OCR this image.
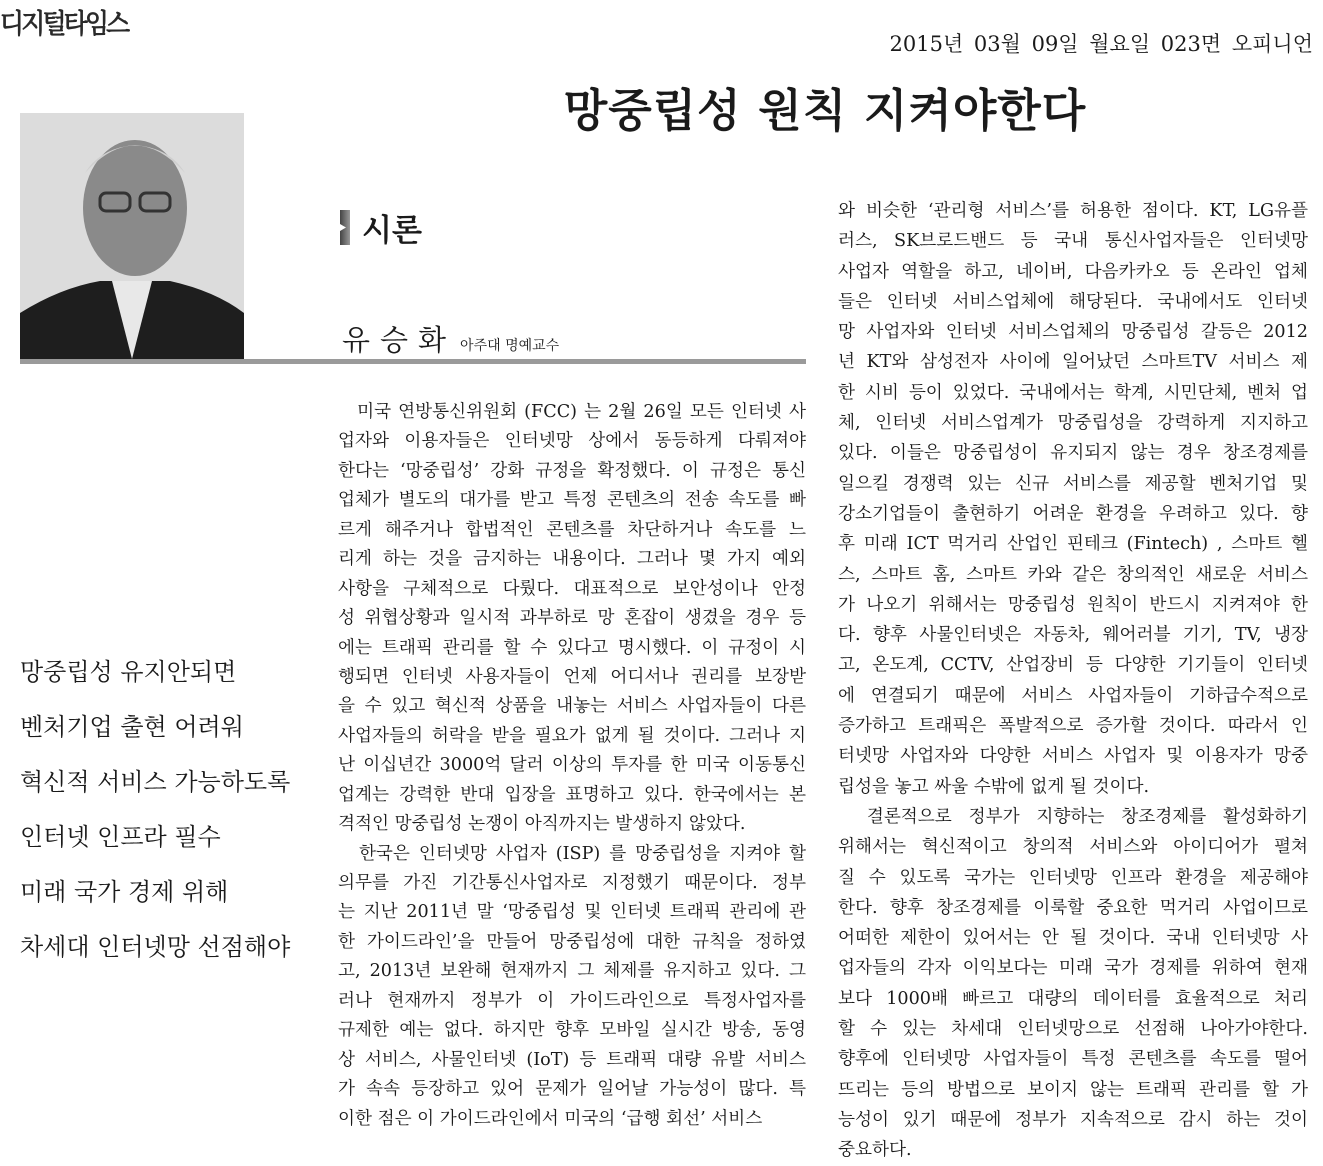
디지털타임스
2015년 03월 09일 월요일 023면 오피니언
망중립성 원칙 지켜야한다
시론
유승화 아주대 명예교수
망중립성 유지안되면
벤처기업 출현 어려워
혁신적 서비스 가능하도록
인터넷 인프라 필수
미래 국가 경제 위해
차세대 인터넷망 선점해야
　미국 연방통신위원회 (FCC) 는 2월 26일 모든 인터넷 사
업자와 이용자들은 인터넷망 상에서 동등하게 다뤄져야
한다는 ‘망중립성’ 강화 규정을 확정했다. 이 규정은 통신
업체가 별도의 대가를 받고 특정 콘텐츠의 전송 속도를 빠
르게 해주거나 합법적인 콘텐츠를 차단하거나 속도를 느
리게 하는 것을 금지하는 내용이다. 그러나 몇 가지 예외
사항을 구체적으로 다뤘다. 대표적으로 보안성이나 안정
성 위협상황과 일시적 과부하로 망 혼잡이 생겼을 경우 등
에는 트래픽 관리를 할 수 있다고 명시했다. 이 규정이 시
행되면 인터넷 사용자들이 언제 어디서나 권리를 보장받
을 수 있고 혁신적 상품을 내놓는 서비스 사업자들이 다른
사업자들의 허락을 받을 필요가 없게 될 것이다. 그러나 지
난 이십년간 3000억 달러 이상의 투자를 한 미국 이동통신
업계는 강력한 반대 입장을 표명하고 있다. 한국에서는 본
격적인 망중립성 논쟁이 아직까지는 발생하지 않았다.
　한국은 인터넷망 사업자 (ISP) 를 망중립성을 지켜야 할
의무를 가진 기간통신사업자로 지정했기 때문이다. 정부
는 지난 2011년 말 ‘망중립성 및 인터넷 트래픽 관리에 관
한 가이드라인’을 만들어 망중립성에 대한 규칙을 정하였
고, 2013년 보완해 현재까지 그 체제를 유지하고 있다. 그
러나 현재까지 정부가 이 가이드라인으로 특정사업자를
규제한 예는 없다. 하지만 향후 모바일 실시간 방송, 동영
상 서비스, 사물인터넷 (IoT) 등 트래픽 대량 유발 서비스
가 속속 등장하고 있어 문제가 일어날 가능성이 많다. 특
이한 점은 이 가이드라인에서 미국의 ‘급행 회선’ 서비스
와 비슷한 ‘관리형 서비스’를 허용한 점이다. KT, LG유플
러스, SK브로드밴드 등 국내 통신사업자들은 인터넷망
사업자 역할을 하고, 네이버, 다음카카오 등 온라인 업체
들은 인터넷 서비스업체에 해당된다. 국내에서도 인터넷
망 사업자와 인터넷 서비스업체의 망중립성 갈등은 2012
년 KT와 삼성전자 사이에 일어났던 스마트TV 서비스 제
한 시비 등이 있었다. 국내에서는 학계, 시민단체, 벤처 업
체, 인터넷 서비스업계가 망중립성을 강력하게 지지하고
있다. 이들은 망중립성이 유지되지 않는 경우 창조경제를
일으킬 경쟁력 있는 신규 서비스를 제공할 벤처기업 및
강소기업들이 출현하기 어려운 환경을 우려하고 있다. 향
후 미래 ICT 먹거리 산업인 핀테크 (Fintech) , 스마트 헬
스, 스마트 홈, 스마트 카와 같은 창의적인 새로운 서비스
가 나오기 위해서는 망중립성 원칙이 반드시 지켜져야 한
다. 향후 사물인터넷은 자동차, 웨어러블 기기, TV, 냉장
고, 온도계, CCTV, 산업장비 등 다양한 기기들이 인터넷
에 연결되기 때문에 서비스 사업자들이 기하급수적으로
증가하고 트래픽은 폭발적으로 증가할 것이다. 따라서 인
터넷망 사업자와 다양한 서비스 사업자 및 이용자가 망중
립성을 놓고 싸울 수밖에 없게 될 것이다.
　결론적으로 정부가 지향하는 창조경제를 활성화하기
위해서는 혁신적이고 창의적 서비스와 아이디어가 펼쳐
질 수 있도록 국가는 인터넷망 인프라 환경을 제공해야
한다. 향후 창조경제를 이룩할 중요한 먹거리 사업이므로
어떠한 제한이 있어서는 안 될 것이다. 국내 인터넷망 사
업자들의 각자 이익보다는 미래 국가 경제를 위하여 현재
보다 1000배 빠르고 대량의 데이터를 효율적으로 처리
할 수 있는 차세대 인터넷망으로 선점해 나아가야한다.
향후에 인터넷망 사업자들이 특정 콘텐츠를 속도를 떨어
뜨리는 등의 방법으로 보이지 않는 트래픽 관리를 할 가
능성이 있기 때문에 정부가 지속적으로 감시 하는 것이
중요하다.
